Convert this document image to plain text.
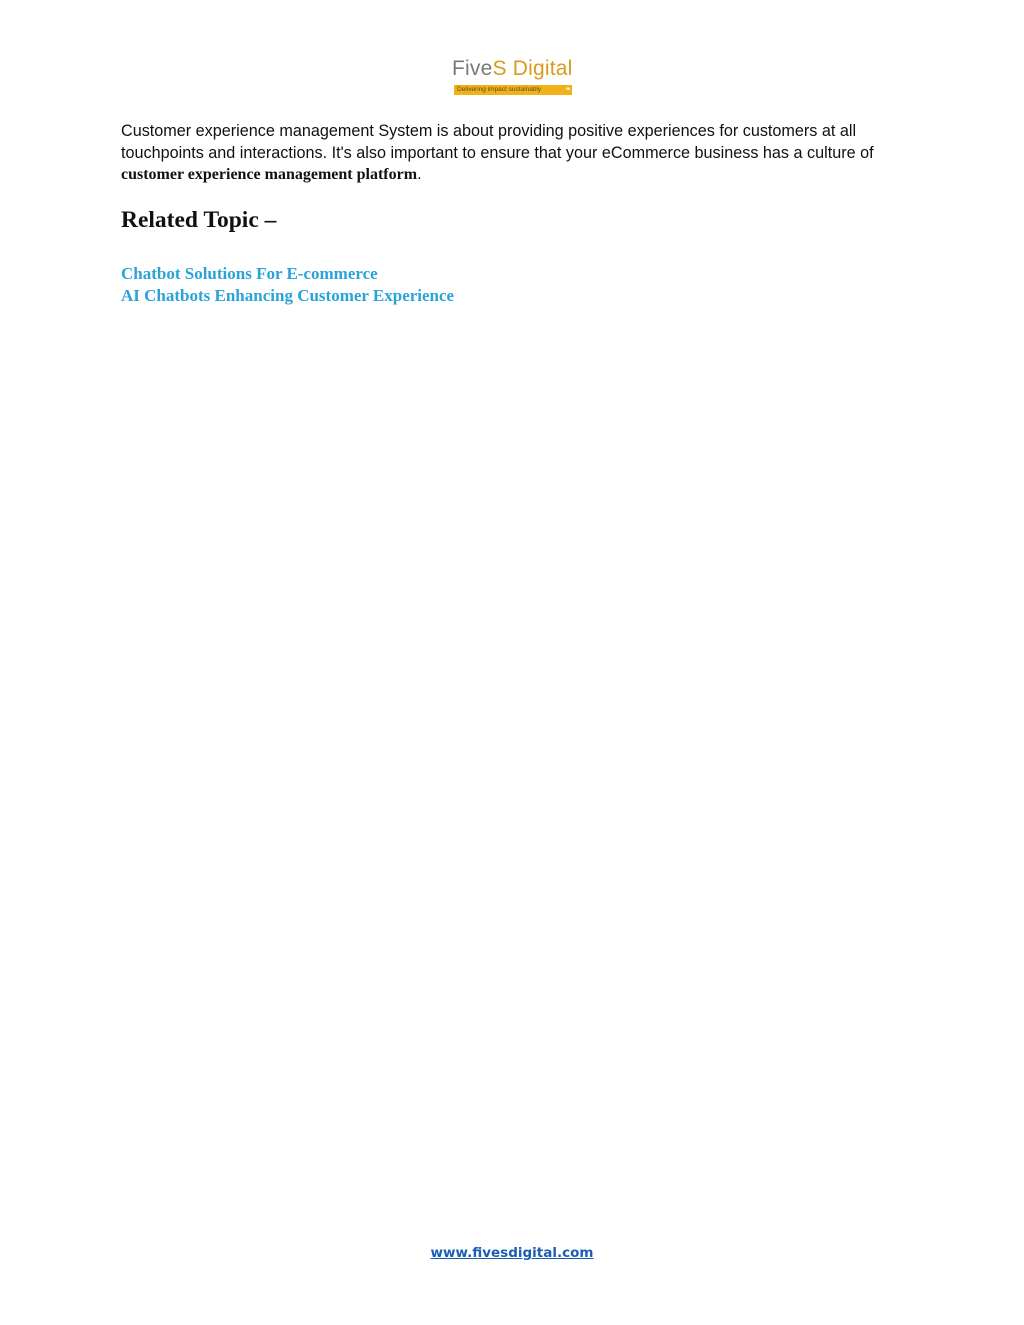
FiveS Digital
Delivering impact sustainably	❧
Customer experience management System is about providing positive experiences for customers at all touchpoints and interactions. It's also important to ensure that your eCommerce business has a culture of customer experience management platform.
Related Topic –
Chatbot Solutions For E-commerce
AI Chatbots Enhancing Customer Experience
www.fivesdigital.com
